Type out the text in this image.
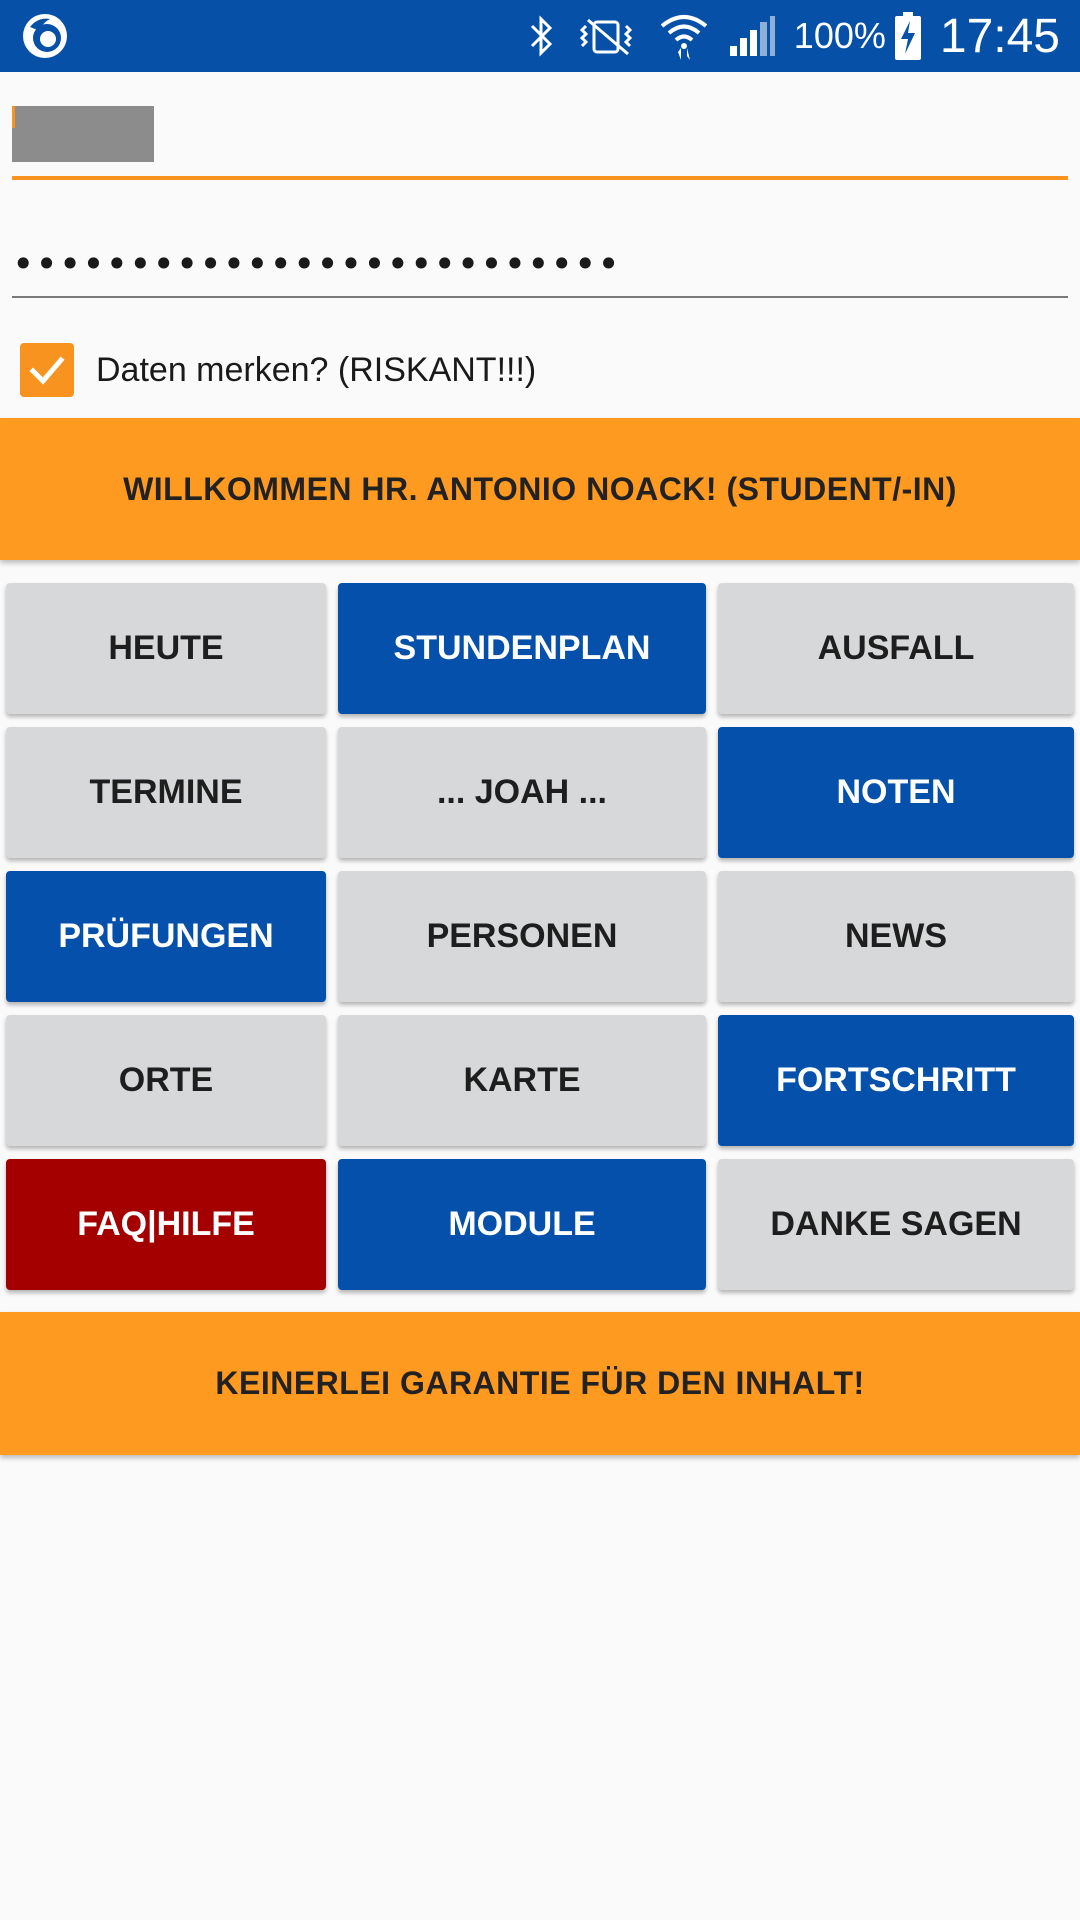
100% 17:45
••••••••••••••••••••••••••
Daten merken? (RISKANT!!!)
WILLKOMMEN HR. ANTONIO NOACK! (STUDENT/-IN)
HEUTE	STUNDENPLAN	AUSFALL
TERMINE	... JOAH ...	NOTEN
PRÜFUNGEN	PERSONEN	NEWS
ORTE	KARTE	FORTSCHRITT
FAQ|HILFE	MODULE	DANKE SAGEN
KEINERLEI GARANTIE FÜR DEN INHALT!
